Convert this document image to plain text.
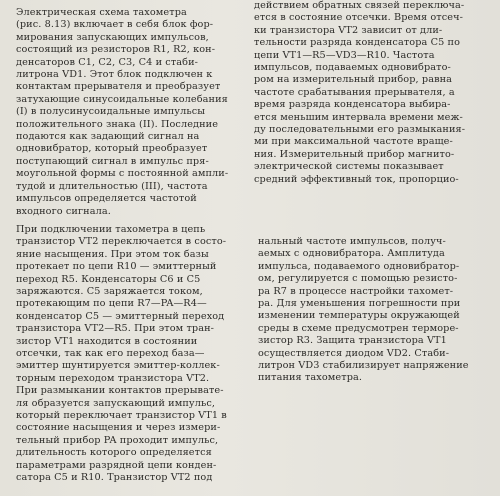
Электрическая схема тахометра
(рис. 8.13) включает в себя блок фор-
мирования запускающих импульсов,
состоящий из резисторов R1, R2, кон-
денсаторов C1, C2, C3, C4 и стаби-
литрона VD1. Этот блок подключен к
контактам прерывателя и преобразует
затухающие синусоидальные колебания
(I) в полусинусоидальные импульсы
положительного знака (II). Последние
подаются как задающий сигнал на
одновибратор, который преобразует
поступающий сигнал в импульс пря-
моугольной формы с постоянной ампли-
тудой и длительностью (III), частота
импульсов определяется частотой
входного сигнала.

При подключении тахометра в цепь
транзистор VT2 переключается в состо-
яние насыщения. При этом ток базы
протекает по цепи R10 — эмиттерный
переход R5. Конденсаторы C6 и C5
заряжаются. C5 заряжается током,
протекающим по цепи R7—PA—R4—
конденсатор C5 — эмиттерный переход
транзистора VT2—R5. При этом тран-
зистор VT1 находится в состоянии
отсечки, так как его переход база—
эмиттер шунтируется эмиттер-коллек-
торным переходом транзистора VT2.
При размыкании контактов прерывате-
ля образуется запускающий импульс,
который переключает транзистор VT1 в
состояние насыщения и через измери-
тельный прибор PA проходит импульс,
длительность которого определяется
параметрами разрядной цепи конден-
сатора C5 и R10. Транзистор VT2 под

действием обратных связей переключа-
ется в состояние отсечки. Время отсеч-
ки транзистора VT2 зависит от дли-
тельности разряда конденсатора C5 по
цепи VT1—R5—VD3—R10. Частота
импульсов, подаваемых одновибрато-
ром на измерительный прибор, равна
частоте срабатывания прерывателя, а
время разряда конденсатора выбира-
ется меньшим интервала времени меж-
ду последовательными его размыкания-
ми при максимальной частоте враще-
ния. Измерительный прибор магнито-
электрической системы показывает
средний эффективный ток, пропорцио-

нальный частоте импульсов, получ-
аемых с одновибратора. Амплитуда
импульса, подаваемого одновибратор-
ом, регулируется с помощью резисто-
ра R7 в процессе настройки тахомет-
ра. Для уменьшения погрешности при
изменении температуры окружающей
среды в схеме предусмотрен терморе-
зистор R3. Защита транзистора VT1
осуществляется диодом VD2. Стаби-
литрон VD3 стабилизирует напряжение
питания тахометра.
